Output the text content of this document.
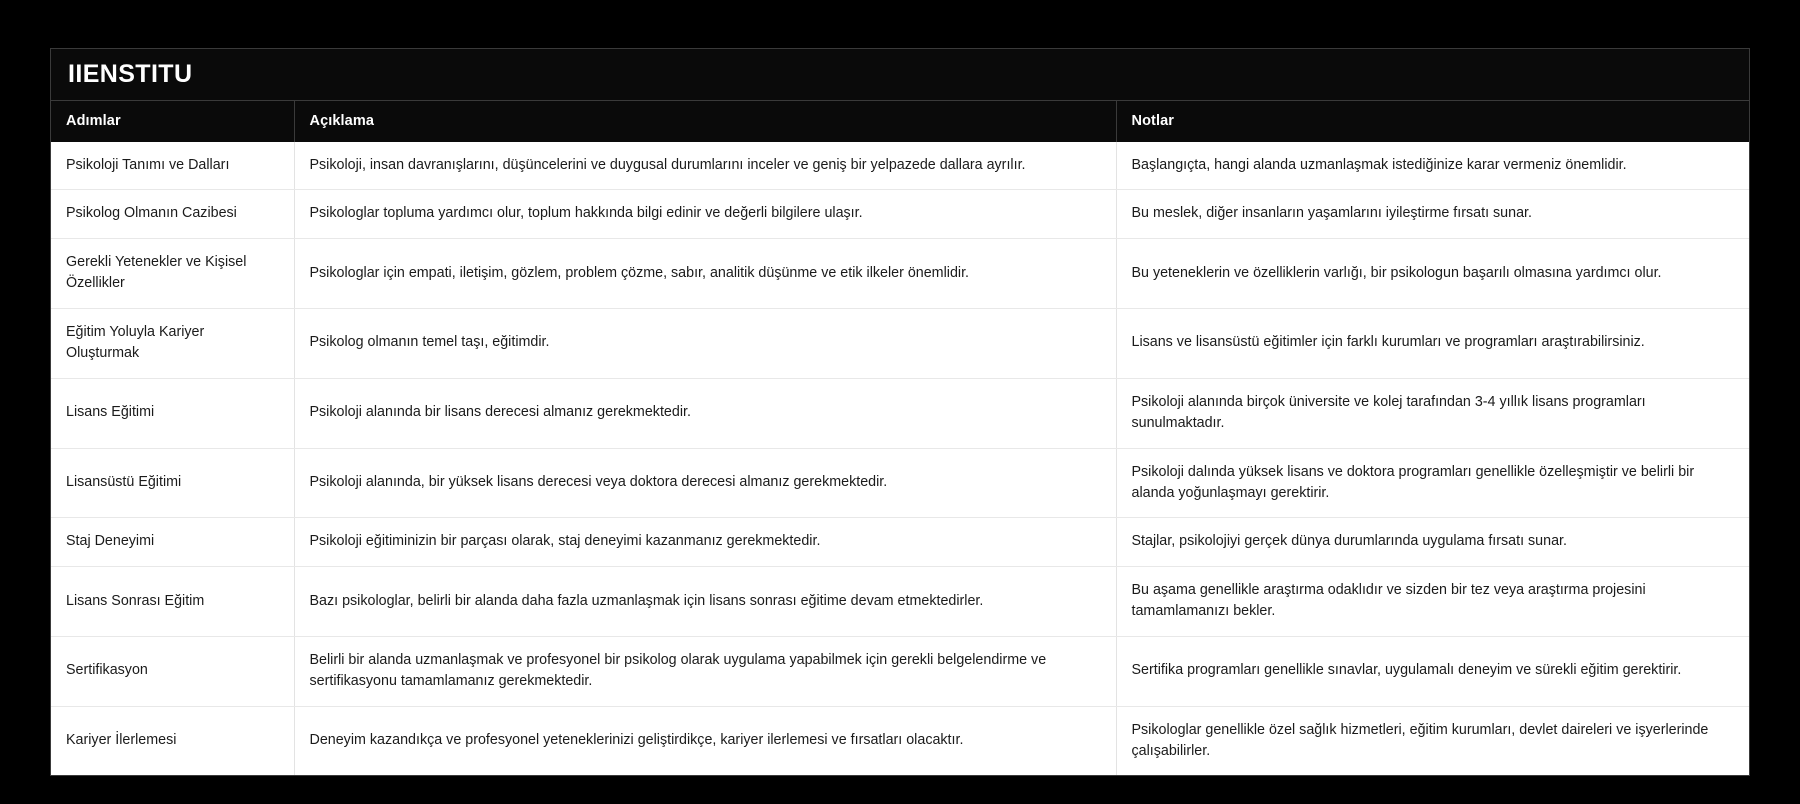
IIENSTITU
Adımlar	Açıklama	Notlar
Psikoloji Tanımı ve Dalları	Psikoloji, insan davranışlarını, düşüncelerini ve duygusal durumlarını inceler ve geniş bir yelpazede dallara ayrılır.	Başlangıçta, hangi alanda uzmanlaşmak istediğinize karar vermeniz önemlidir.
Psikolog Olmanın Cazibesi	Psikologlar topluma yardımcı olur, toplum hakkında bilgi edinir ve değerli bilgilere ulaşır.	Bu meslek, diğer insanların yaşamlarını iyileştirme fırsatı sunar.
Gerekli Yetenekler ve Kişisel Özellikler	Psikologlar için empati, iletişim, gözlem, problem çözme, sabır, analitik düşünme ve etik ilkeler önemlidir.	Bu yeteneklerin ve özelliklerin varlığı, bir psikologun başarılı olmasına yardımcı olur.
Eğitim Yoluyla Kariyer Oluşturmak	Psikolog olmanın temel taşı, eğitimdir.	Lisans ve lisansüstü eğitimler için farklı kurumları ve programları araştırabilirsiniz.
Lisans Eğitimi	Psikoloji alanında bir lisans derecesi almanız gerekmektedir.	Psikoloji alanında birçok üniversite ve kolej tarafından 3-4 yıllık lisans programları sunulmaktadır.
Lisansüstü Eğitimi	Psikoloji alanında, bir yüksek lisans derecesi veya doktora derecesi almanız gerekmektedir.	Psikoloji dalında yüksek lisans ve doktora programları genellikle özelleşmiştir ve belirli bir alanda yoğunlaşmayı gerektirir.
Staj Deneyimi	Psikoloji eğitiminizin bir parçası olarak, staj deneyimi kazanmanız gerekmektedir.	Stajlar, psikolojiyi gerçek dünya durumlarında uygulama fırsatı sunar.
Lisans Sonrası Eğitim	Bazı psikologlar, belirli bir alanda daha fazla uzmanlaşmak için lisans sonrası eğitime devam etmektedirler.	Bu aşama genellikle araştırma odaklıdır ve sizden bir tez veya araştırma projesini tamamlamanızı bekler.
Sertifikasyon	Belirli bir alanda uzmanlaşmak ve profesyonel bir psikolog olarak uygulama yapabilmek için gerekli belgelendirme ve sertifikasyonu tamamlamanız gerekmektedir.	Sertifika programları genellikle sınavlar, uygulamalı deneyim ve sürekli eğitim gerektirir.
Kariyer İlerlemesi	Deneyim kazandıkça ve profesyonel yeteneklerinizi geliştirdikçe, kariyer ilerlemesi ve fırsatları olacaktır.	Psikologlar genellikle özel sağlık hizmetleri, eğitim kurumları, devlet daireleri ve işyerlerinde çalışabilirler.
